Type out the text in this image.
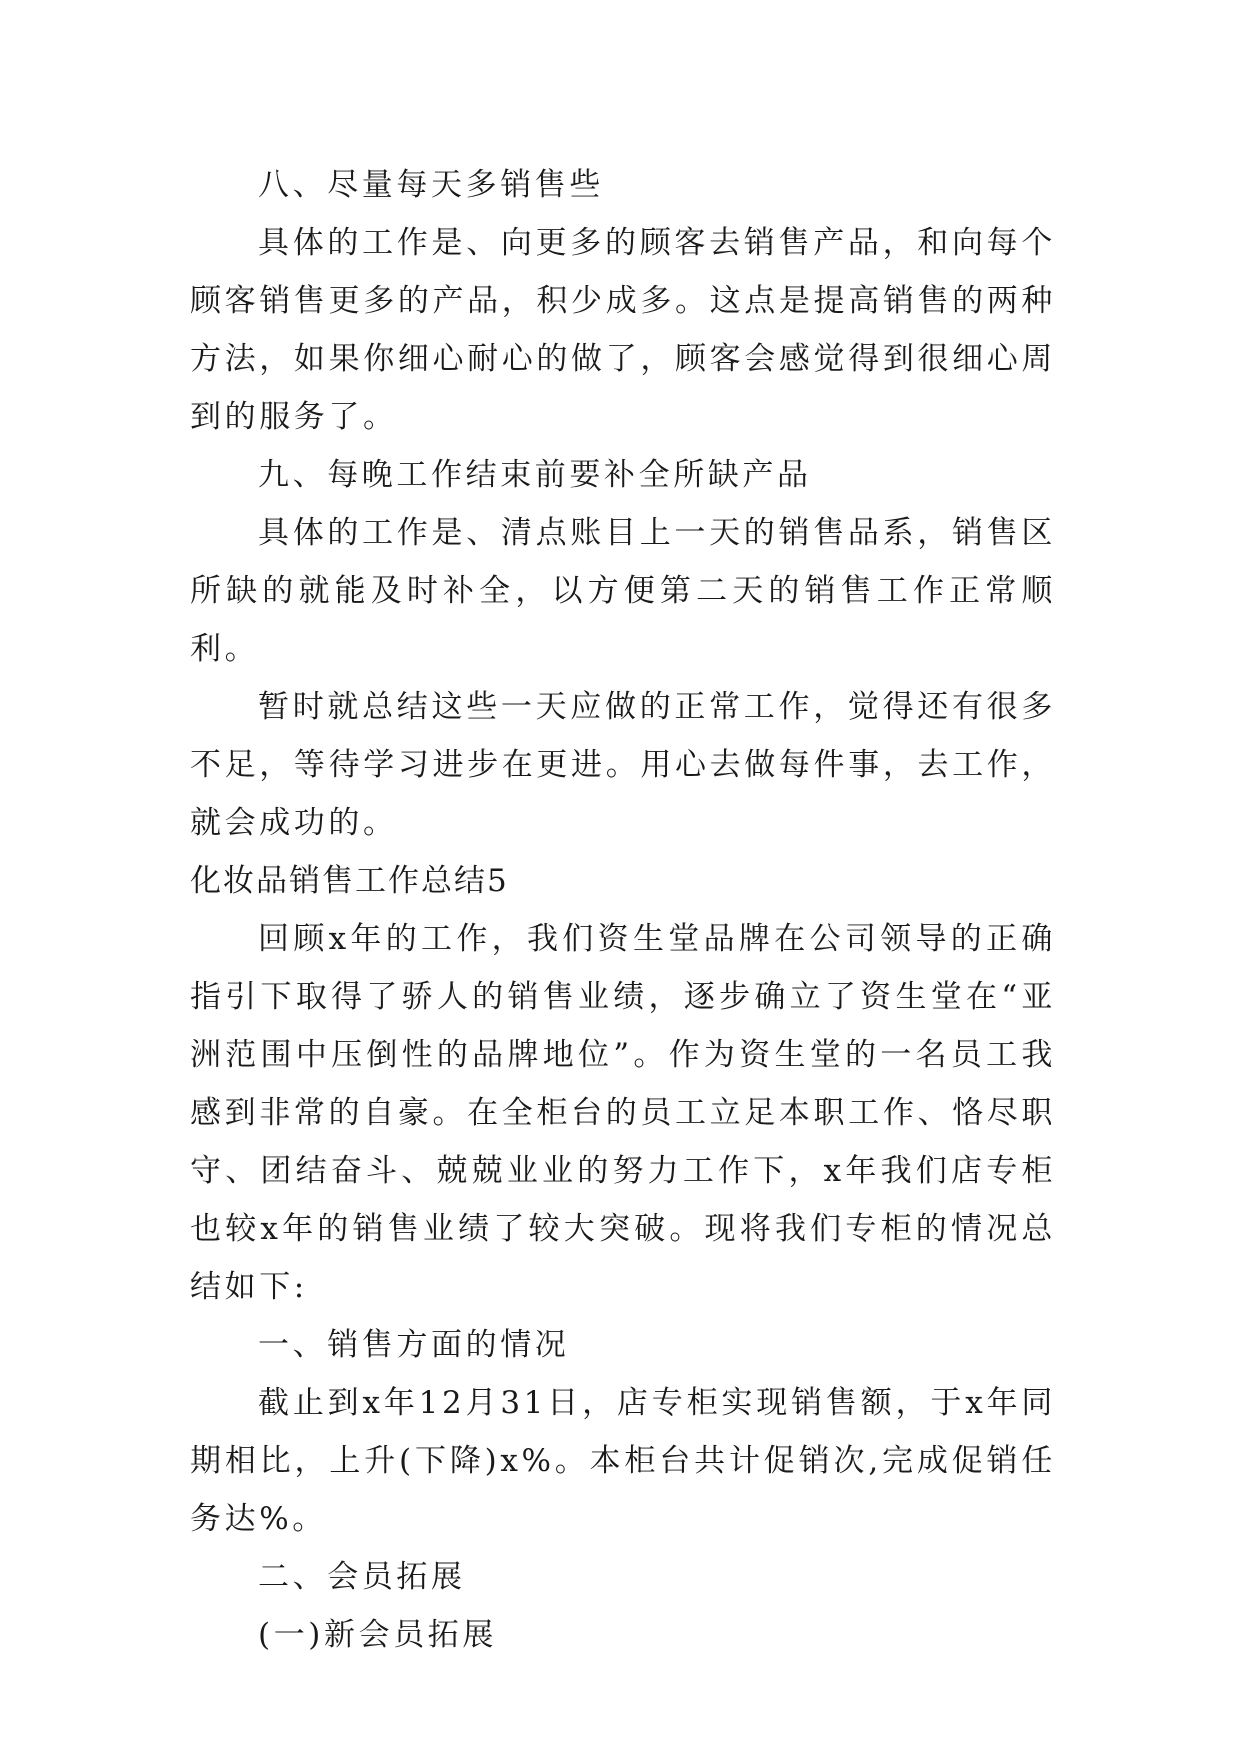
八、尽量每天多销售些

具体的工作是、向更多的顾客去销售产品，和向每个顾客销售更多的产品，积少成多。这点是提高销售的两种方法，如果你细心耐心的做了，顾客会感觉得到很细心周到的服务了。

九、每晚工作结束前要补全所缺产品

具体的工作是、清点账目上一天的销售品系，销售区所缺的就能及时补全，以方便第二天的销售工作正常顺利。

暂时就总结这些一天应做的正常工作，觉得还有很多不足，等待学习进步在更进。用心去做每件事，去工作，就会成功的。

化妆品销售工作总结5

回顾x年的工作，我们资生堂品牌在公司领导的正确指引下取得了骄人的销售业绩，逐步确立了资生堂在“亚洲范围中压倒性的品牌地位”。作为资生堂的一名员工我感到非常的自豪。在全柜台的员工立足本职工作、恪尽职守、团结奋斗、兢兢业业的努力工作下，x年我们店专柜也较x年的销售业绩了较大突破。现将我们专柜的情况总结如下:

一、销售方面的情况

截止到x年12月31日，店专柜实现销售额，于x年同期相比，上升(下降)x%。本柜台共计促销次,完成促销任务达%。

二、会员拓展

(一)新会员拓展
